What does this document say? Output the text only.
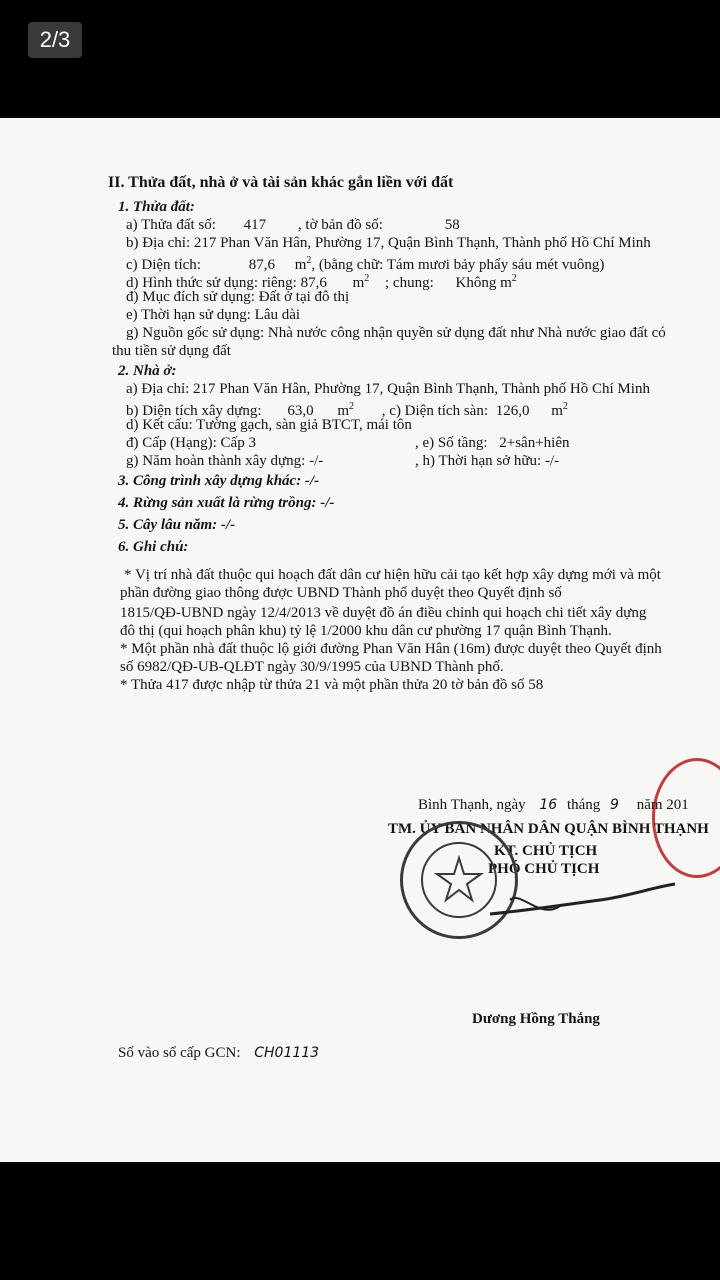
2/3
II. Thửa đất, nhà ở và tài sản khác gắn liền với đất
1. Thửa đất:
a) Thửa đất số: 417 , tờ bản đồ số:	58
b) Địa chỉ: 217 Phan Văn Hân, Phường 17, Quận Bình Thạnh, Thành phố Hồ Chí Minh
c) Diện tích:	87,6 $m^2$, (bằng chữ: Tám mươi bảy phẩy sáu mét vuông)
d) Hình thức sử dụng: riêng: 87,6 $m^2$ ; chung: Không $m^2$
đ) Mục đích sử dụng: Đất ở tại đô thị
e) Thời hạn sử dụng: Lâu dài
g) Nguồn gốc sử dụng: Nhà nước công nhận quyền sử dụng đất như Nhà nước giao đất có
thu tiền sử dụng đất
2. Nhà ở:
a) Địa chỉ: 217 Phan Văn Hân, Phường 17, Quận Bình Thạnh, Thành phố Hồ Chí Minh
b) Diện tích xây dựng: 63,0 $m^2$ , c) Diện tích sàn: 126,0 $m^2$
d) Kết cấu: Tường gạch, sàn giả BTCT, mái tôn
đ) Cấp (Hạng): Cấp 3	, e) Số tầng: 2+sân+hiên
g) Năm hoàn thành xây dựng: -/-	, h) Thời hạn sở hữu: -/-
3. Công trình xây dựng khác: -/-
4. Rừng sản xuất là rừng trồng: -/-
5. Cây lâu năm: -/-
6. Ghi chú:
* Vị trí nhà đất thuộc qui hoạch đất dân cư hiện hữu cải tạo kết hợp xây dựng mới và một
phần đường giao thông được UBND Thành phố duyệt theo Quyết định số
1815/QĐ-UBND ngày 12/4/2013 về duyệt đồ án điều chỉnh qui hoạch chi tiết xây dựng
đô thị (qui hoạch phân khu) tỷ lệ 1/2000 khu dân cư phường 17 quận Bình Thạnh.
* Một phần nhà đất thuộc lộ giới đường Phan Văn Hân (16m) được duyệt theo Quyết định
số 6982/QĐ-UB-QLĐT ngày 30/9/1995 của UBND Thành phố.
* Thửa 417 được nhập từ thửa 21 và một phần thửa 20 tờ bản đồ số 58
Bình Thạnh, ngày 16 tháng 9 năm 201
TM. ỦY BAN NHÂN DÂN QUẬN BÌNH THẠNH
KT. CHỦ TỊCH
PHÓ CHỦ TỊCH
Dương Hồng Thắng
Số vào sổ cấp GCN: CH01113
